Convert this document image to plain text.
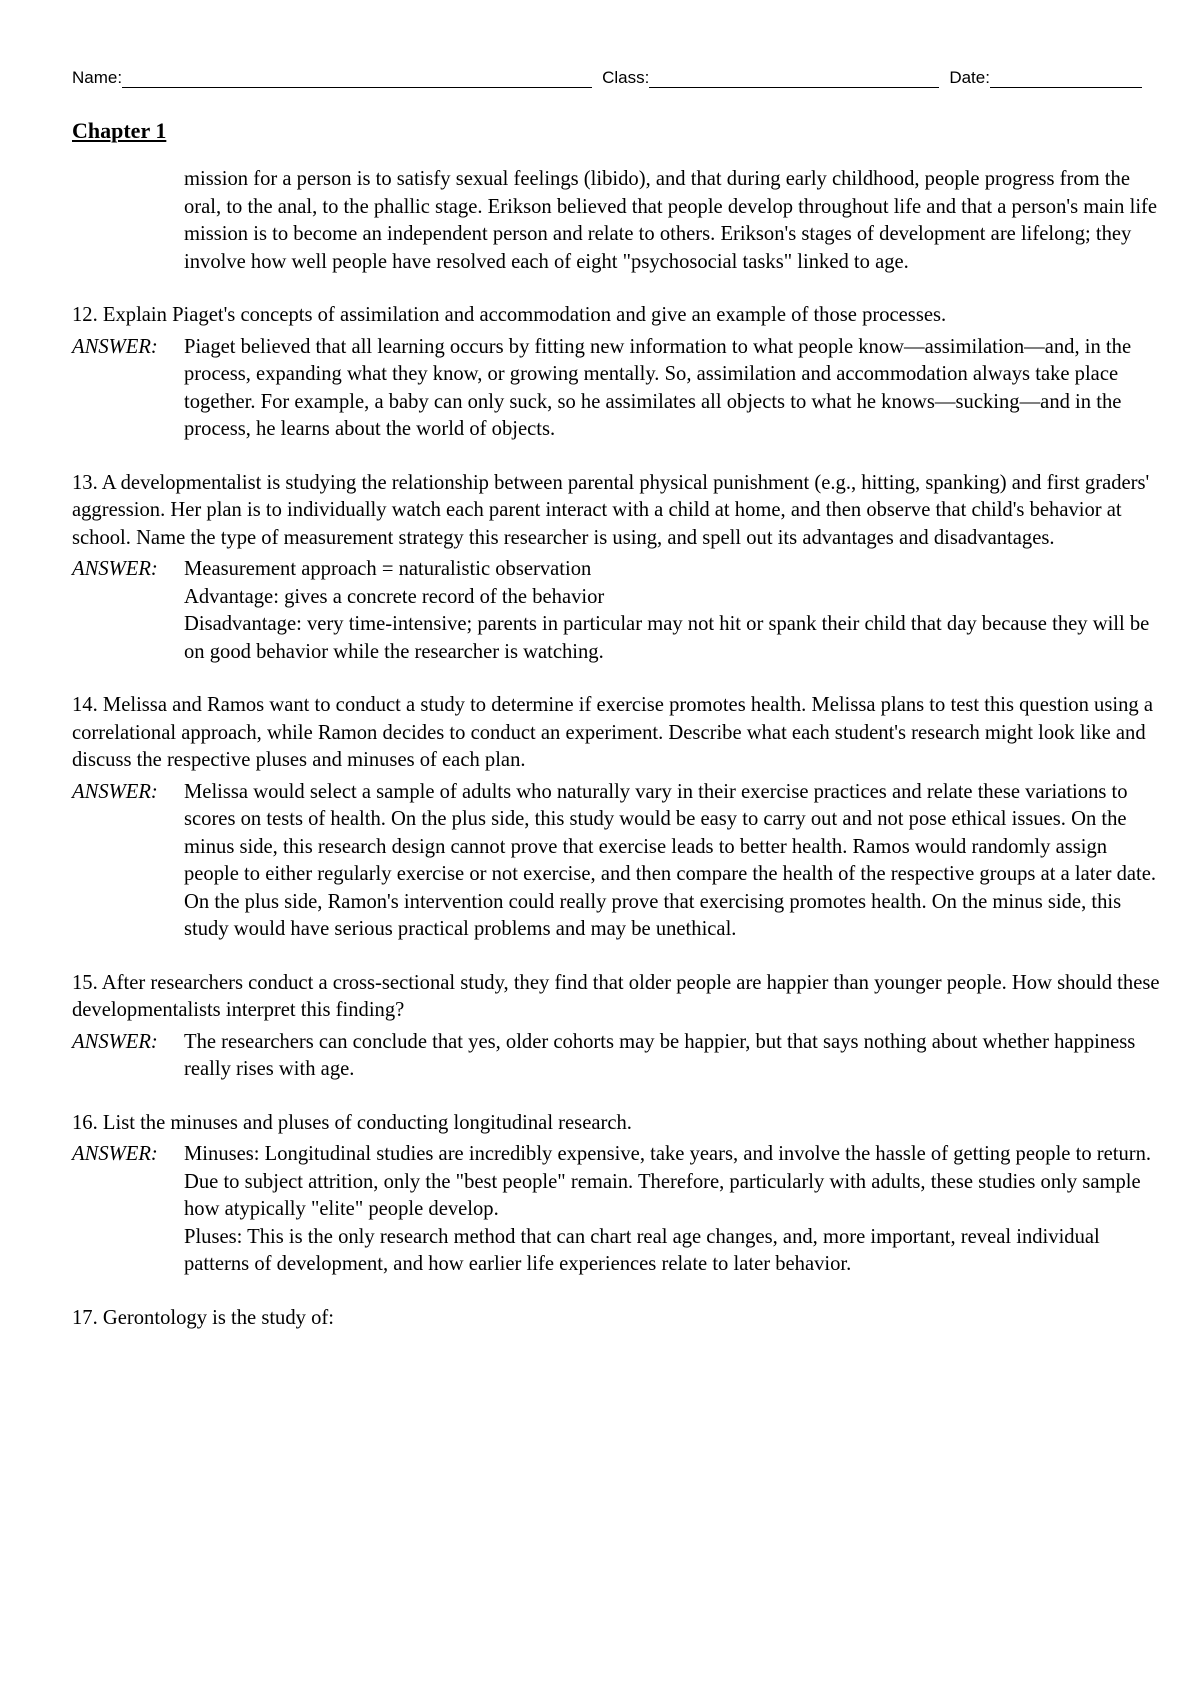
Name:	Class:	Date:
Chapter 1
mission for a person is to satisfy sexual feelings (libido), and that during early childhood, people progress from the oral, to the anal, to the phallic stage. Erikson believed that people develop throughout life and that a person's main life mission is to become an independent person and relate to others. Erikson's stages of development are lifelong; they involve how well people have resolved each of eight "psychosocial tasks" linked to age.

12. Explain Piaget's concepts of assimilation and accommodation and give an example of those processes.

ANSWER:	Piaget believed that all learning occurs by fitting new information to what people know—assimilation—and, in the process, expanding what they know, or growing mentally. So, assimilation and accommodation always take place together. For example, a baby can only suck, so he assimilates all objects to what he knows—sucking—and in the process, he learns about the world of objects.

13. A developmentalist is studying the relationship between parental physical punishment (e.g., hitting, spanking) and first graders' aggression. Her plan is to individually watch each parent interact with a child at home, and then observe that child's behavior at school. Name the type of measurement strategy this researcher is using, and spell out its advantages and disadvantages.

ANSWER:	Measurement approach = naturalistic observation

Advantage: gives a concrete record of the behavior

Disadvantage: very time-intensive; parents in particular may not hit or spank their child that day because they will be on good behavior while the researcher is watching.

14. Melissa and Ramos want to conduct a study to determine if exercise promotes health. Melissa plans to test this question using a correlational approach, while Ramon decides to conduct an experiment. Describe what each student's research might look like and discuss the respective pluses and minuses of each plan.

ANSWER:	Melissa would select a sample of adults who naturally vary in their exercise practices and relate these variations to scores on tests of health. On the plus side, this study would be easy to carry out and not pose ethical issues. On the minus side, this research design cannot prove that exercise leads to better health. Ramos would randomly assign people to either regularly exercise or not exercise, and then compare the health of the respective groups at a later date. On the plus side, Ramon's intervention could really prove that exercising promotes health. On the minus side, this study would have serious practical problems and may be unethical.

15. After researchers conduct a cross-sectional study, they find that older people are happier than younger people. How should these developmentalists interpret this finding?

ANSWER:	The researchers can conclude that yes, older cohorts may be happier, but that says nothing about whether happiness really rises with age.

16. List the minuses and pluses of conducting longitudinal research.

ANSWER:	Minuses: Longitudinal studies are incredibly expensive, take years, and involve the hassle of getting people to return. Due to subject attrition, only the "best people" remain. Therefore, particularly with adults, these studies only sample how atypically "elite" people develop.

Pluses: This is the only research method that can chart real age changes, and, more important, reveal individual patterns of development, and how earlier life experiences relate to later behavior.

17. Gerontology is the study of:
